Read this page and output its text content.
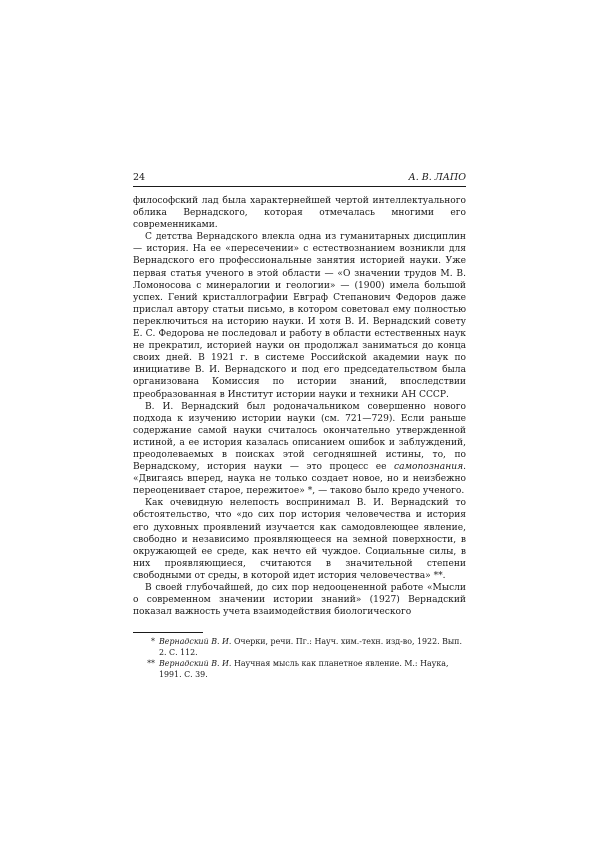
24	А. В. ЛАПО

философский лад была характернейшей чертой интеллектуального облика Вернадского, которая отмечалась многими его современниками.

С детства Вернадского влекла одна из гуманитарных дисциплин — история. На ее «пересечении» с естествознанием возникли для Вернадского его профессиональные занятия историей науки. Уже первая статья ученого в этой области — «О значении трудов М. В. Ломоносова с минералогии и геологии» — (1900) имела большой успех. Гений кристаллографии Евграф Степанович Федоров даже прислал автору статьи письмо, в котором советовал ему полностью переключиться на историю науки. И хотя В. И. Вернадский совету Е. С. Федорова не последовал и работу в области естественных наук не прекратил, историей науки он продолжал заниматься до конца своих дней. В 1921 г. в системе Российской академии наук по инициативе В. И. Вернадского и под его председательством была организована Комиссия по истории знаний, впоследствии преобразованная в Институт истории науки и техники АН СССР.

В. И. Вернадский был родоначальником совершенно нового подхода к изучению истории науки (см. 721—729). Если раньше содержание самой науки считалось окончательно утвержденной истиной, а ее история казалась описанием ошибок и заблуждений, преодолеваемых в поисках этой сегодняшней истины, то, по Вернадскому, история науки — это процесс ее самопознания. «Двигаясь вперед, наука не только создает новое, но и неизбежно переоценивает старое, пережитое» *, — таково было кредо ученого.

Как очевидную нелепость воспринимал В. И. Вернадский то обстоятельство, что «до сих пор история человечества и история его духовных проявлений изучается как самодовлеющее явление, свободно и независимо проявляющееся на земной поверхности, в окружающей ее среде, как нечто ей чуждое. Социальные силы, в них проявляющиеся, считаются в значительной степени свободными от среды, в которой идет история человечества» **.

В своей глубочайшей, до сих пор недооцененной работе «Мысли о современном значении истории знаний» (1927) Вернадский показал важность учета взаимодействия биологического

* Вернадский В. И. Очерки, речи. Пг.: Науч. хим.-техн. изд-во, 1922. Вып. 2. С. 112.
** Вернадский В. И. Научная мысль как планетное явление. М.: Наука, 1991. С. 39.
